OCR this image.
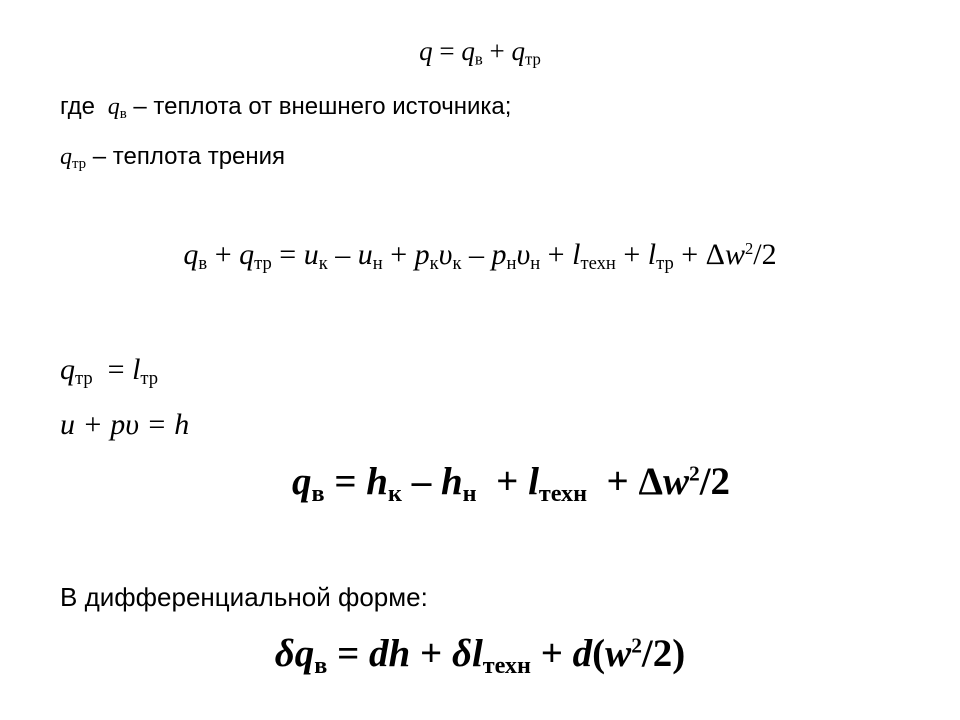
$q = q_в + q_{тр}$
где $q_в$ – теплота от внешнего источника;
$q_{тр}$ – теплота трения
$q_в + q_{тр} = u_к - u_н + p_к\upsilon_к - p_н\upsilon_н + l_{техн} + l_{тр} + \Delta w^2/2$
$q_{тр} = l_{тр}$
u + pυ = h
$q_в = h_к - h_н + l_{техн} + \Delta w^2/2$
В дифференциальной форме:
$\delta q_в$ = dh + $\delta l_{техн} + d(w^2/2)$
